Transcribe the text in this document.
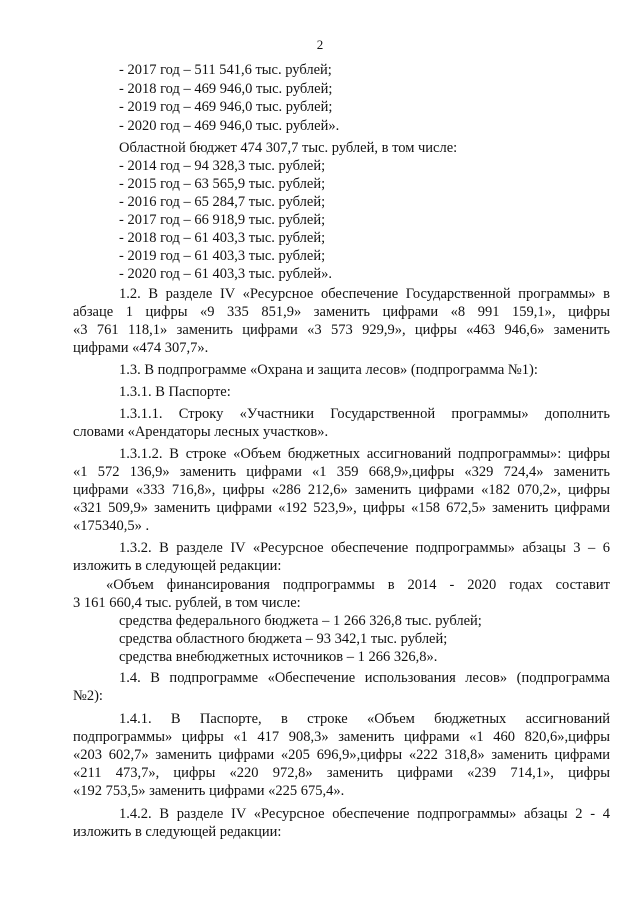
2
- 2017 год – 511 541,6 тыс. рублей;
- 2018 год – 469 946,0 тыс. рублей;
- 2019 год – 469 946,0 тыс. рублей;
- 2020 год – 469 946,0 тыс. рублей».
Областной бюджет 474 307,7 тыс. рублей, в том числе:
- 2014 год – 94 328,3 тыс. рублей;
- 2015 год – 63 565,9 тыс. рублей;
- 2016 год – 65 284,7 тыс. рублей;
- 2017 год – 66 918,9 тыс. рублей;
- 2018 год – 61 403,3 тыс. рублей;
- 2019 год – 61 403,3 тыс. рублей;
- 2020 год – 61 403,3 тыс. рублей».
1.2. В разделе IV «Ресурсное обеспечение Государственной программы» в
абзаце 1 цифры «9 335 851,9» заменить цифрами «8 991 159,1», цифры
«3 761 118,1» заменить цифрами «3 573 929,9», цифры «463 946,6» заменить
цифрами «474 307,7».
1.3. В подпрограмме «Охрана и защита лесов» (подпрограмма №1):
1.3.1. В Паспорте:
1.3.1.1. Строку «Участники Государственной программы» дополнить
словами «Арендаторы лесных участков».
1.3.1.2. В строке «Объем бюджетных ассигнований подпрограммы»: цифры
«1 572 136,9» заменить цифрами «1 359 668,9»,цифры «329 724,4» заменить
цифрами «333 716,8», цифры «286 212,6» заменить цифрами «182 070,2», цифры
«321 509,9» заменить цифрами «192 523,9», цифры «158 672,5» заменить цифрами
«175340,5» .
1.3.2. В разделе IV «Ресурсное обеспечение подпрограммы» абзацы 3 – 6
изложить в следующей редакции:
«Объем финансирования подпрограммы в 2014 - 2020 годах составит
3 161 660,4 тыс. рублей, в том числе:
средства федерального бюджета – 1 266 326,8 тыс. рублей;
средства областного бюджета – 93 342,1 тыс. рублей;
средства внебюджетных источников – 1 266 326,8».
1.4. В подпрограмме «Обеспечение использования лесов» (подпрограмма
№2):
1.4.1. В Паспорте, в строке «Объем бюджетных ассигнований
подпрограммы» цифры «1 417 908,3» заменить цифрами «1 460 820,6»,цифры
«203 602,7» заменить цифрами «205 696,9»,цифры «222 318,8» заменить цифрами
«211 473,7», цифры «220 972,8» заменить цифрами «239 714,1», цифры
«192 753,5» заменить цифрами «225 675,4».
1.4.2. В разделе IV «Ресурсное обеспечение подпрограммы» абзацы 2 - 4
изложить в следующей редакции:
